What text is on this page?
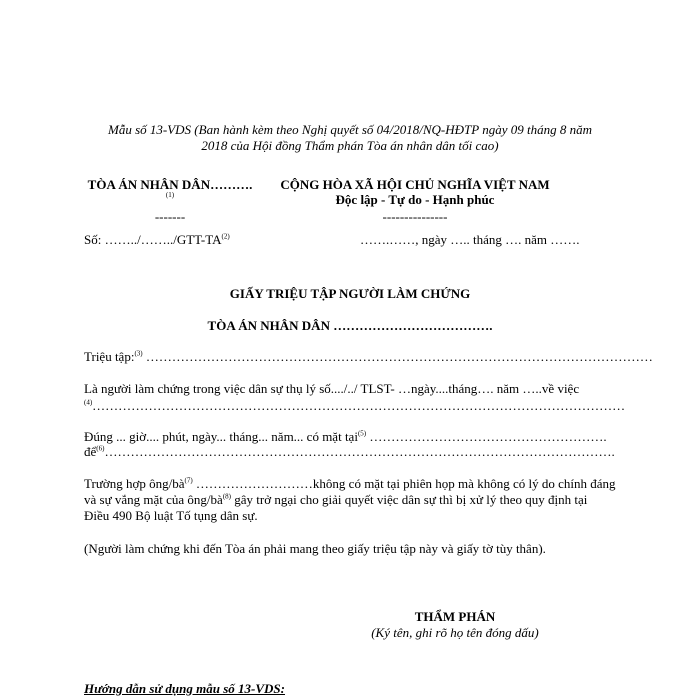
Mẫu số 13-VDS (Ban hành kèm theo Nghị quyết số 04/2018/NQ-HĐTP ngày 09 tháng 8 năm
2018 của Hội đồng Thẩm phán Tòa án nhân dân tối cao)
TÒA ÁN NHÂN DÂN……….
(1)
-------
Số: ……../……../GTT-TA$^{(2)}$
CỘNG HÒA XÃ HỘI CHỦ NGHĨA VIỆT NAM
Độc lập - Tự do - Hạnh phúc
---------------
…….……, ngày ….. tháng …. năm …….
GIẤY TRIỆU TẬP NGƯỜI LÀM CHỨNG
TÒA ÁN NHÂN DÂN ……………………………….
Triệu tập:$^{(3)}$ ………………………………………………………………………………………………………
Là người làm chứng trong việc dân sự thụ lý số..../../ TLST- …ngày....tháng…. năm …..về việc
$^{(4)}$……………………………………………………………………………………………………………
Đúng ... giờ.... phút, ngày... tháng... năm... có mặt tại$^{(5)}$ ……………………………………………….
để$^{(6)}$……………………………………………………………………………………………………….
Trường hợp ông/$bà^{(7)}$ ………………………không có mặt tại phiên họp mà không có lý do chính đáng
và sự vắng mặt của ông/$bà^{(8)}$ gây trở ngại cho giải quyết việc dân sự thì bị xử lý theo quy định tại
Điều 490 Bộ luật Tố tụng dân sự.
(Người làm chứng khi đến Tòa án phải mang theo giấy triệu tập này và giấy tờ tùy thân).
THẨM PHÁN
(Ký tên, ghi rõ họ tên đóng dấu)
Hướng dẫn sử dụng mẫu số 13-VDS:
